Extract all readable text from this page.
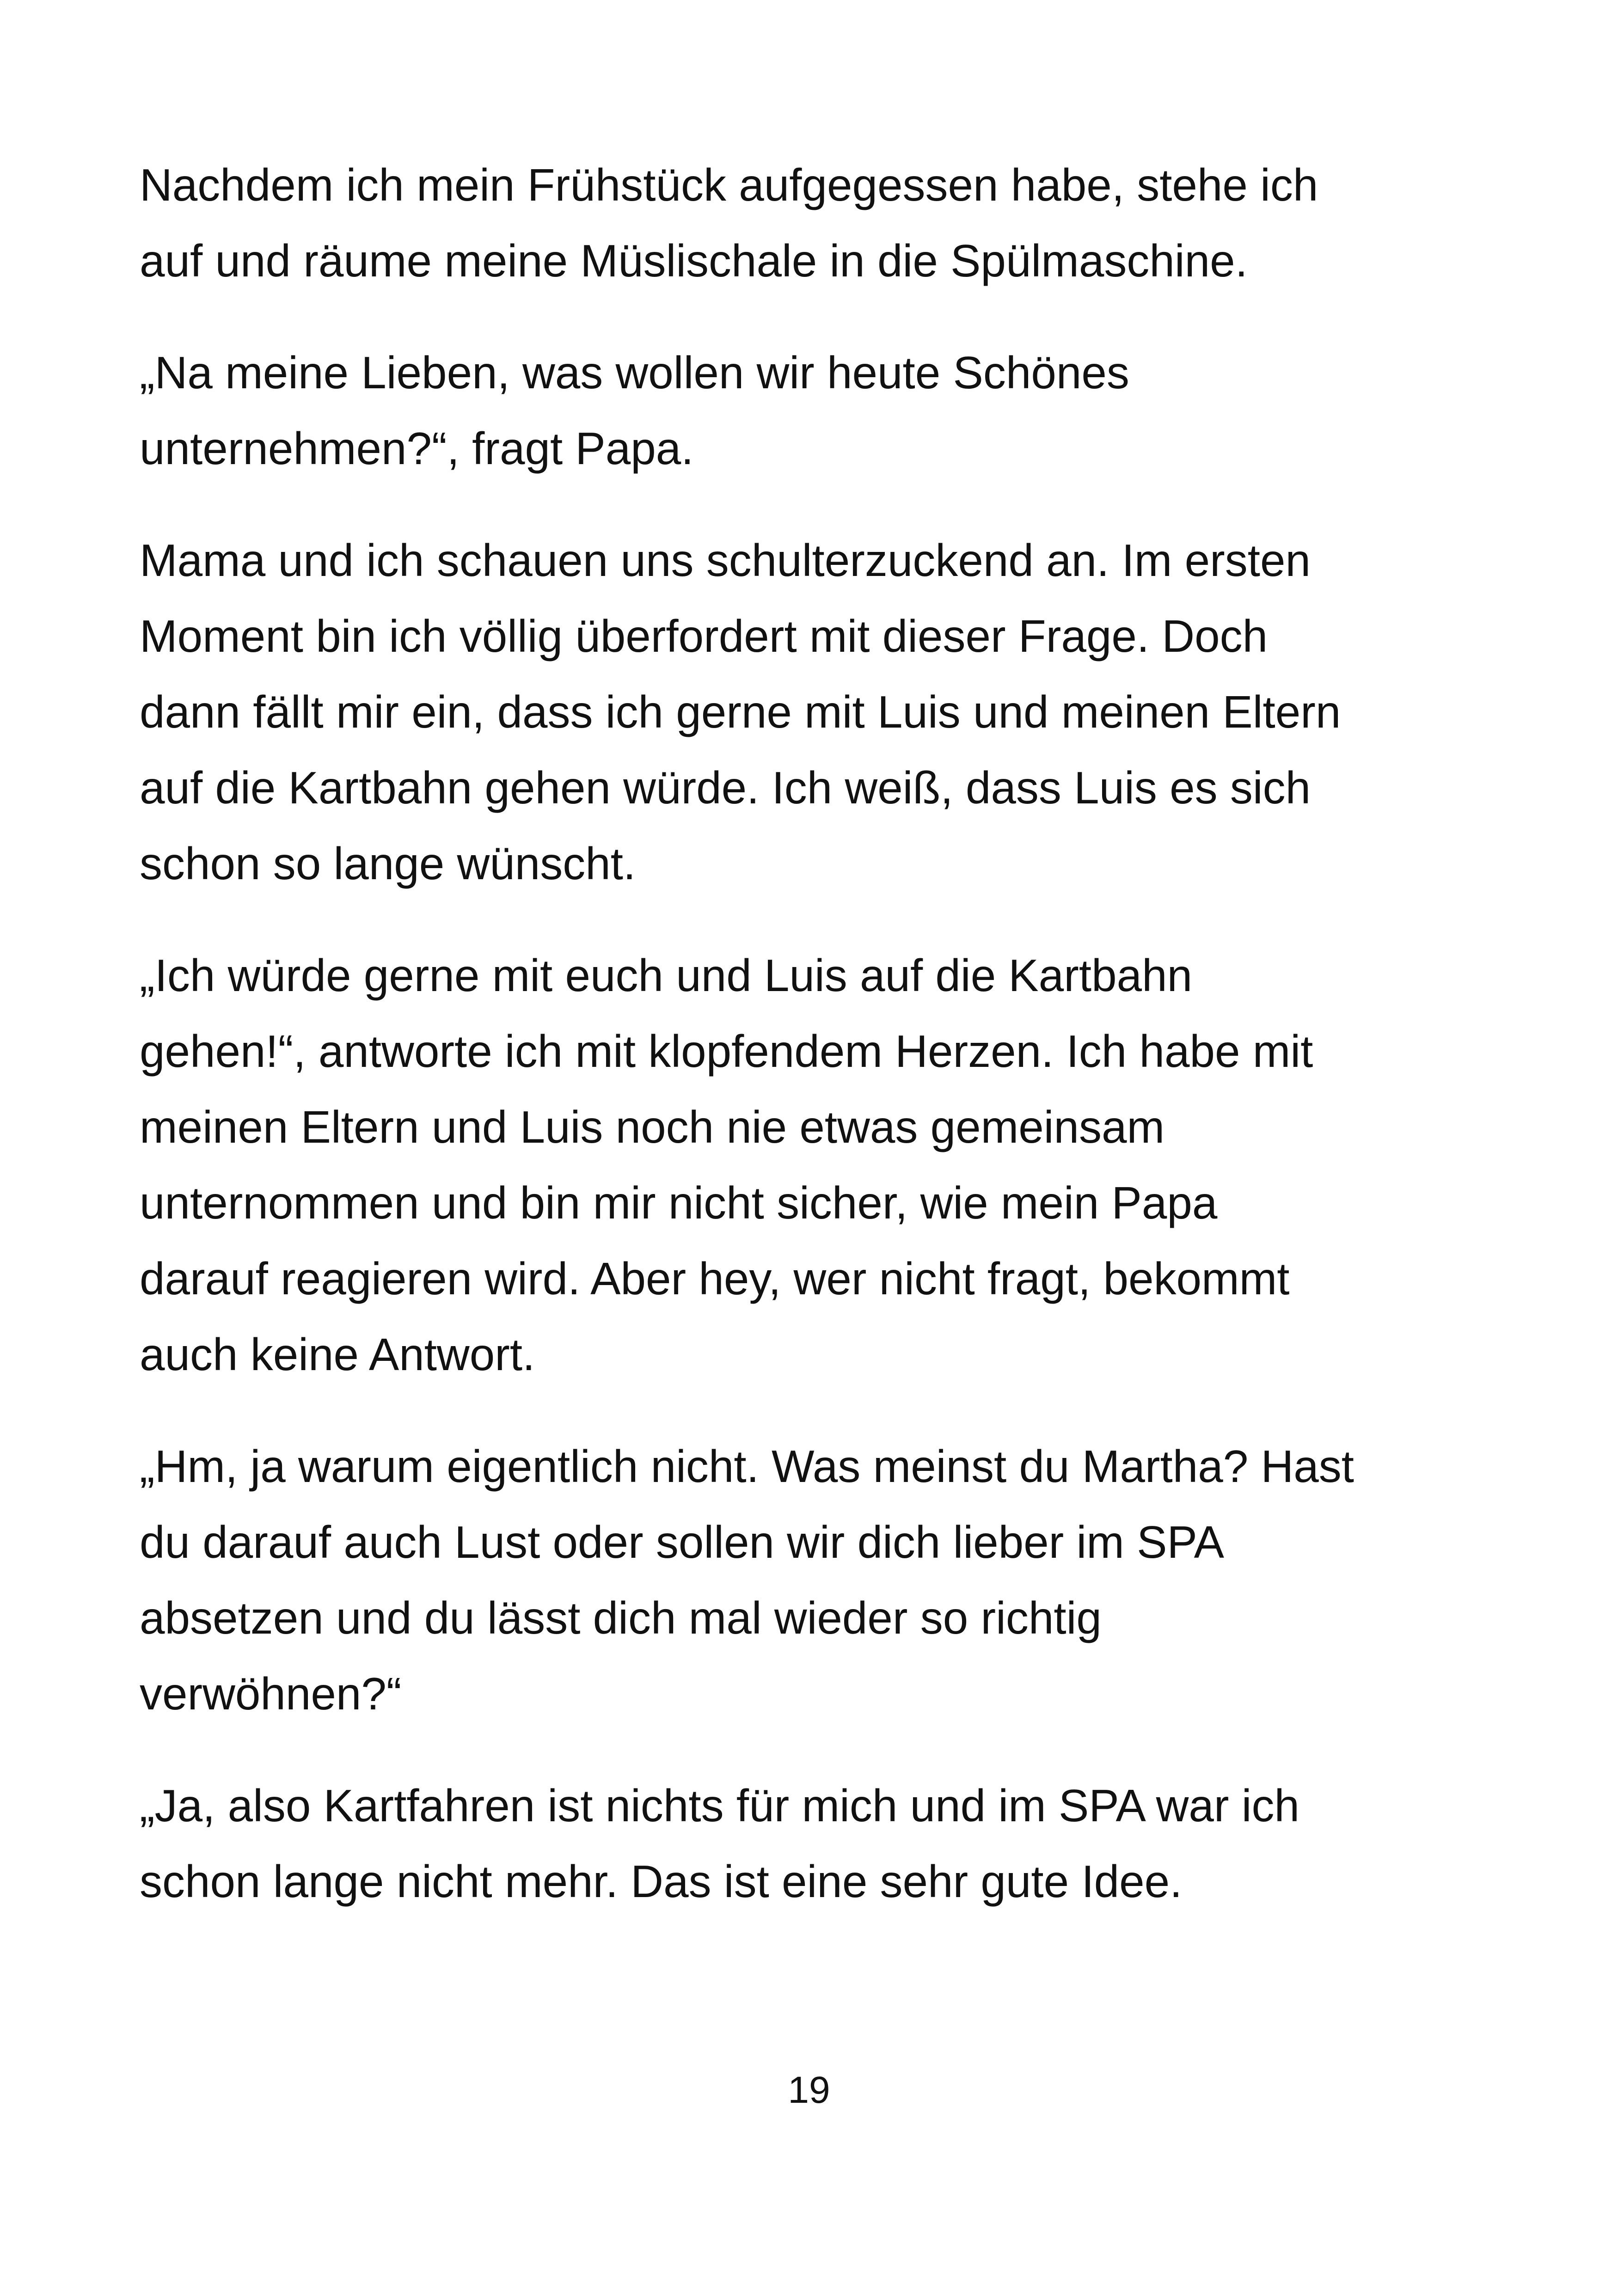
Nachdem ich mein Frühstück aufgegessen habe, stehe ich
auf und räume meine Müslischale in die Spülmaschine.

„Na meine Lieben, was wollen wir heute Schönes
unternehmen?“, fragt Papa.

Mama und ich schauen uns schulterzuckend an. Im ersten
Moment bin ich völlig überfordert mit dieser Frage. Doch
dann fällt mir ein, dass ich gerne mit Luis und meinen Eltern
auf die Kartbahn gehen würde. Ich weiß, dass Luis es sich
schon so lange wünscht.

„Ich würde gerne mit euch und Luis auf die Kartbahn
gehen!“, antworte ich mit klopfendem Herzen. Ich habe mit
meinen Eltern und Luis noch nie etwas gemeinsam
unternommen und bin mir nicht sicher, wie mein Papa
darauf reagieren wird. Aber hey, wer nicht fragt, bekommt
auch keine Antwort.

„Hm, ja warum eigentlich nicht. Was meinst du Martha? Hast
du darauf auch Lust oder sollen wir dich lieber im SPA
absetzen und du lässt dich mal wieder so richtig
verwöhnen?“

„Ja, also Kartfahren ist nichts für mich und im SPA war ich
schon lange nicht mehr. Das ist eine sehr gute Idee.

19
